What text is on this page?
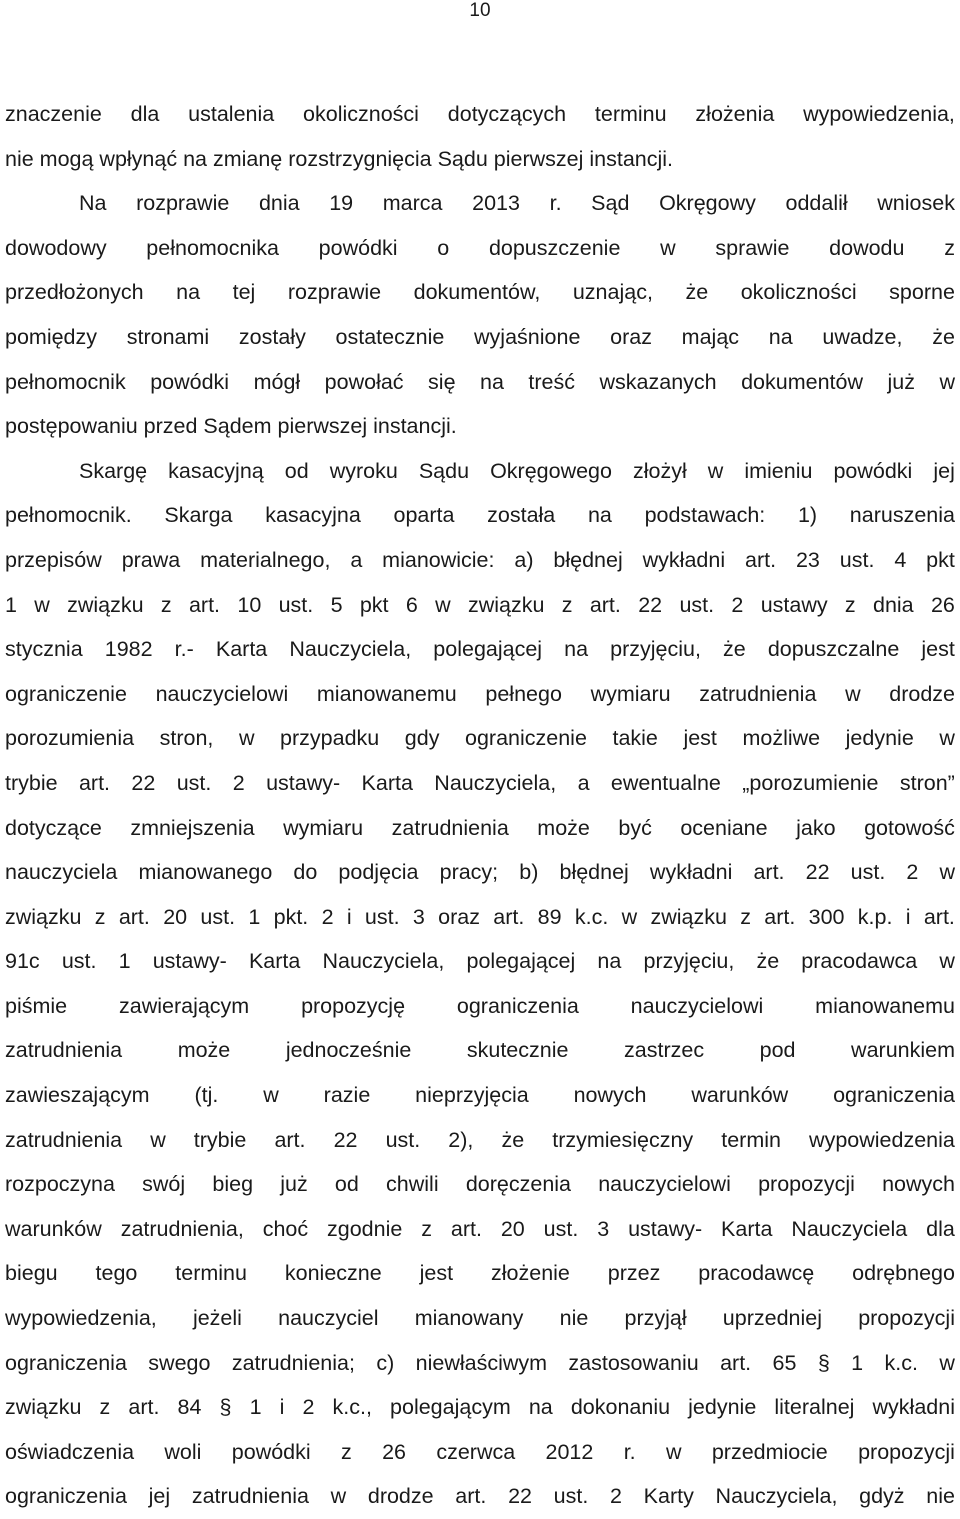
10
znaczenie dla ustalenia okoliczności dotyczących terminu złożenia wypowiedzenia,
nie mogą wpłynąć na zmianę rozstrzygnięcia Sądu pierwszej instancji.
Na rozprawie dnia 19 marca 2013 r. Sąd Okręgowy oddalił wniosek
dowodowy pełnomocnika powódki o dopuszczenie w sprawie dowodu z
przedłożonych na tej rozprawie dokumentów, uznając, że okoliczności sporne
pomiędzy stronami zostały ostatecznie wyjaśnione oraz mając na uwadze, że
pełnomocnik powódki mógł powołać się na treść wskazanych dokumentów już w
postępowaniu przed Sądem pierwszej instancji.
Skargę kasacyjną od wyroku Sądu Okręgowego złożył w imieniu powódki jej
pełnomocnik. Skarga kasacyjna oparta została na podstawach: 1) naruszenia
przepisów prawa materialnego, a mianowicie: a) błędnej wykładni art. 23 ust. 4 pkt
1 w związku z art. 10 ust. 5 pkt 6 w związku z art. 22 ust. 2 ustawy z dnia 26
stycznia 1982 r.- Karta Nauczyciela, polegającej na przyjęciu, że dopuszczalne jest
ograniczenie nauczycielowi mianowanemu pełnego wymiaru zatrudnienia w drodze
porozumienia stron, w przypadku gdy ograniczenie takie jest możliwe jedynie w
trybie art. 22 ust. 2 ustawy- Karta Nauczyciela, a ewentualne „porozumienie stron”
dotyczące zmniejszenia wymiaru zatrudnienia może być oceniane jako gotowość
nauczyciela mianowanego do podjęcia pracy; b) błędnej wykładni art. 22 ust. 2 w
związku z art. 20 ust. 1 pkt. 2 i ust. 3 oraz art. 89 k.c. w związku z art. 300 k.p. i art.
91c ust. 1 ustawy- Karta Nauczyciela, polegającej na przyjęciu, że pracodawca w
piśmie zawierającym propozycję ograniczenia nauczycielowi mianowanemu
zatrudnienia	może	jednocześnie	skutecznie	zastrzec	pod	warunkiem
zawieszającym (tj. w razie nieprzyjęcia nowych warunków ograniczenia
zatrudnienia w trybie art. 22 ust. 2), że trzymiesięczny termin wypowiedzenia
rozpoczyna swój bieg już od chwili doręczenia nauczycielowi propozycji nowych
warunków zatrudnienia, choć zgodnie z art. 20 ust. 3 ustawy- Karta Nauczyciela dla
biegu tego terminu konieczne jest złożenie przez pracodawcę odrębnego
wypowiedzenia, jeżeli nauczyciel mianowany nie przyjął uprzedniej propozycji
ograniczenia swego zatrudnienia; c) niewłaściwym zastosowaniu art. 65 § 1 k.c. w
związku z art. 84 § 1 i 2 k.c., polegającym na dokonaniu jedynie literalnej wykładni
oświadczenia woli powódki z 26 czerwca 2012 r. w przedmiocie propozycji
ograniczenia jej zatrudnienia w drodze art. 22 ust. 2 Karty Nauczyciela, gdyż nie
